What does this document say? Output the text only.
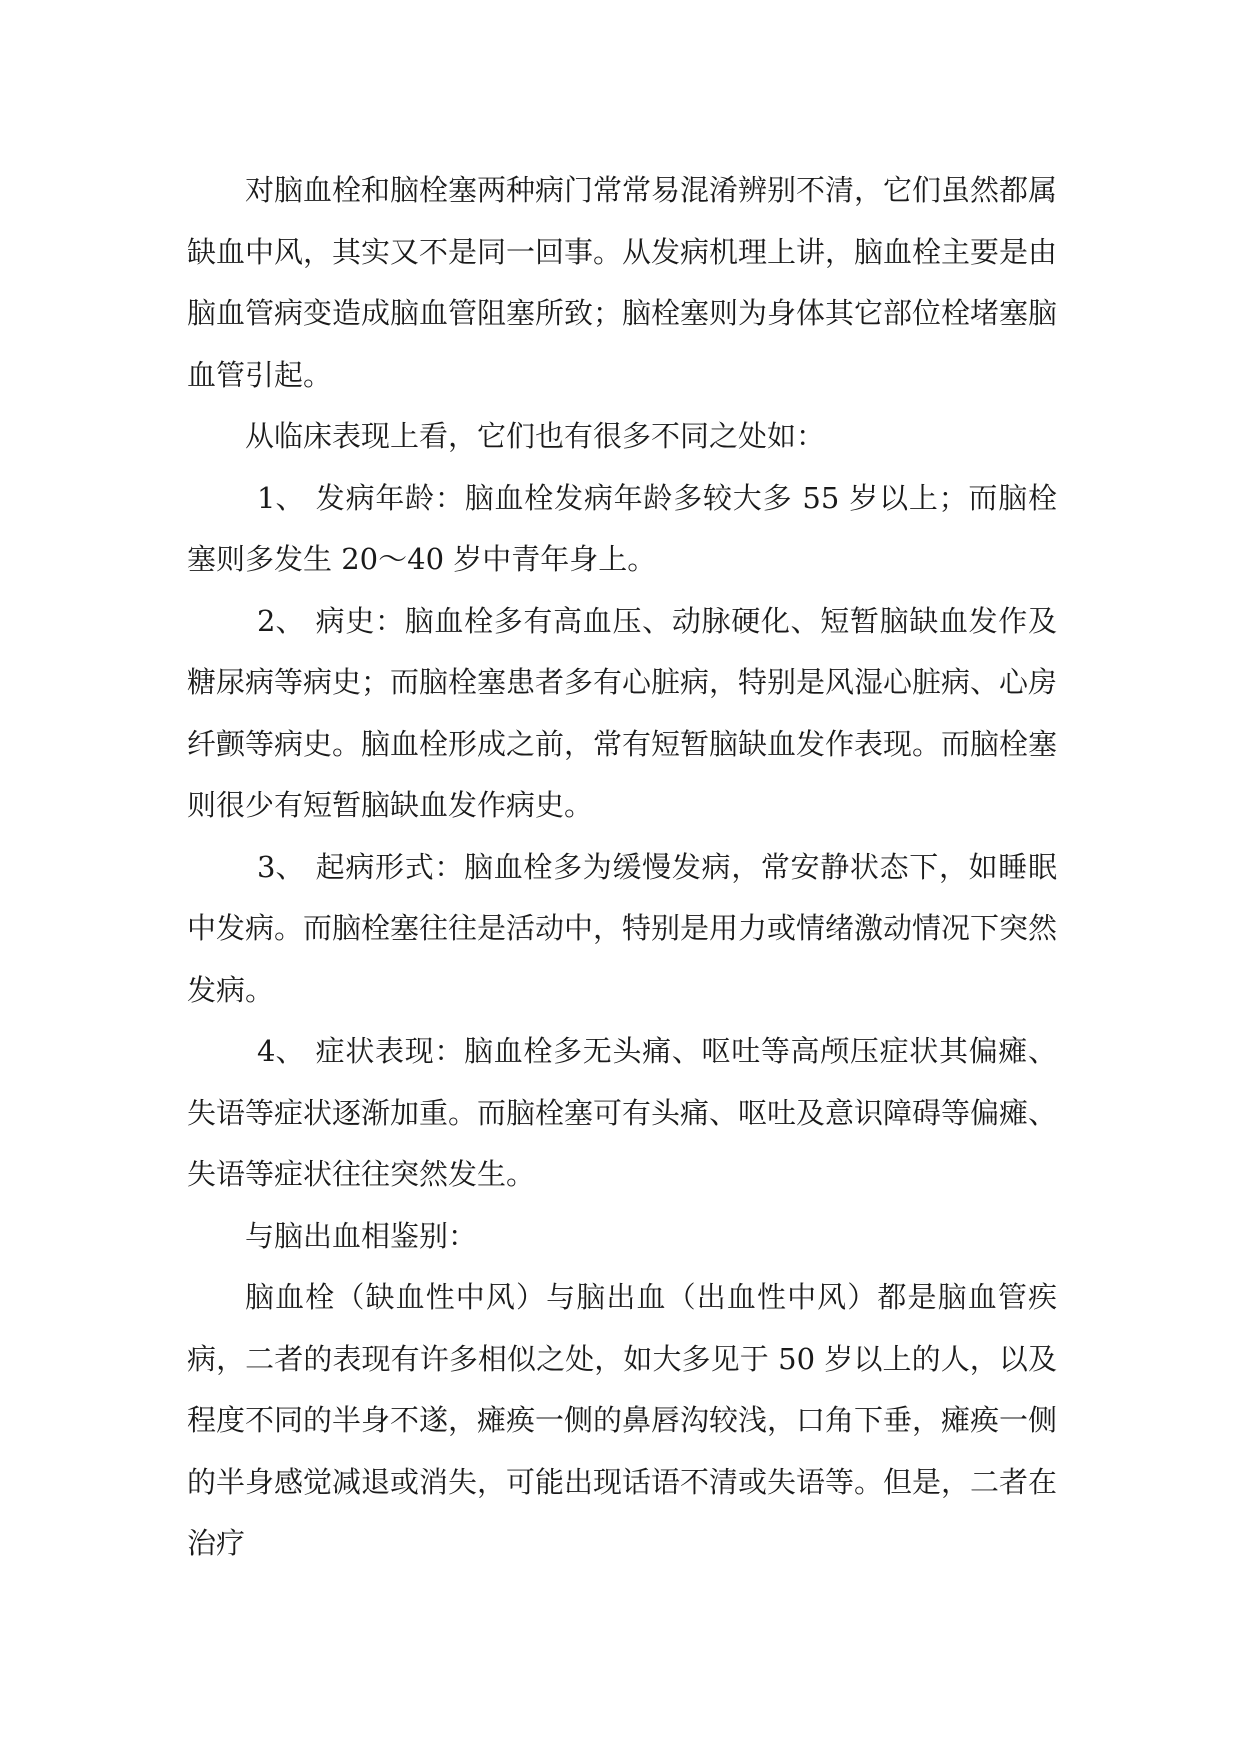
对脑血栓和脑栓塞两种病门常常易混淆辨别不清，它们虽然都属缺血中风，其实又不是同一回事。从发病机理上讲，脑血栓主要是由脑血管病变造成脑血管阻塞所致；脑栓塞则为身体其它部位栓堵塞脑血管引起。

从临床表现上看，它们也有很多不同之处如：

1、 发病年龄：脑血栓发病年龄多较大多 55 岁以上；而脑栓塞则多发生 20～40 岁中青年身上。

2、 病史：脑血栓多有高血压、动脉硬化、短暂脑缺血发作及糖尿病等病史；而脑栓塞患者多有心脏病，特别是风湿心脏病、心房纤颤等病史。脑血栓形成之前，常有短暂脑缺血发作表现。而脑栓塞则很少有短暂脑缺血发作病史。

3、 起病形式：脑血栓多为缓慢发病，常安静状态下，如睡眠中发病。而脑栓塞往往是活动中，特别是用力或情绪激动情况下突然发病。

4、 症状表现：脑血栓多无头痛、呕吐等高颅压症状其偏瘫、失语等症状逐渐加重。而脑栓塞可有头痛、呕吐及意识障碍等偏瘫、失语等症状往往突然发生。

与脑出血相鉴别：

脑血栓（缺血性中风）与脑出血（出血性中风）都是脑血管疾病，二者的表现有许多相似之处，如大多见于 50 岁以上的人，以及程度不同的半身不遂，瘫痪一侧的鼻唇沟较浅，口角下垂，瘫痪一侧的半身感觉减退或消失，可能出现话语不清或失语等。但是，二者在治疗
